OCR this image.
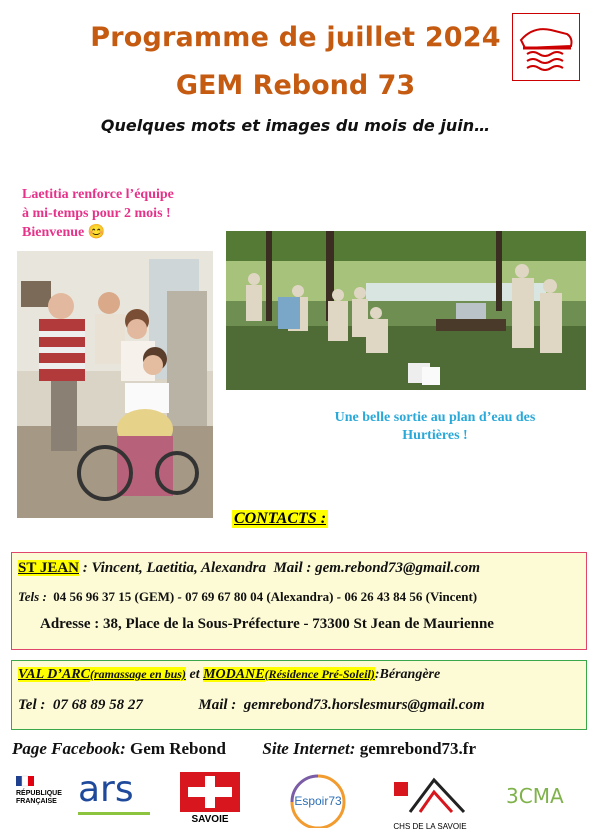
Programme de juillet 2024
GEM Rebond 73
Quelques mots et images du mois de juin…
Laetitia renforce l’équipe
à mi-temps pour 2 mois !
Bienvenue 😊
Une belle sortie au plan d’eau des
Hurtières !
CONTACTS :
ST JEAN : Vincent, Laetitia, Alexandra Mail : gem.rebond73@gmail.com
Tels : 04 56 96 37 15 (GEM) - 07 69 67 80 04 (Alexandra) - 06 26 43 84 56 (Vincent)
Adresse : 38, Place de la Sous-Préfecture - 73300 St Jean de Maurienne
VAL D’ARC(ramassage en bus) et MODANE(Résidence Pré-Soleil):Bérangère
Tel : 07 68 89 58 27	Mail : gemrebond73.horslesmurs@gmail.com
Page Facebook: Gem Rebond Site Internet: gemrebond73.fr
RÉPUBLIQUE
FRANÇAISE ars
SAVOIE
Espoir73
CHS DE LA SAVOIE
3CMA
